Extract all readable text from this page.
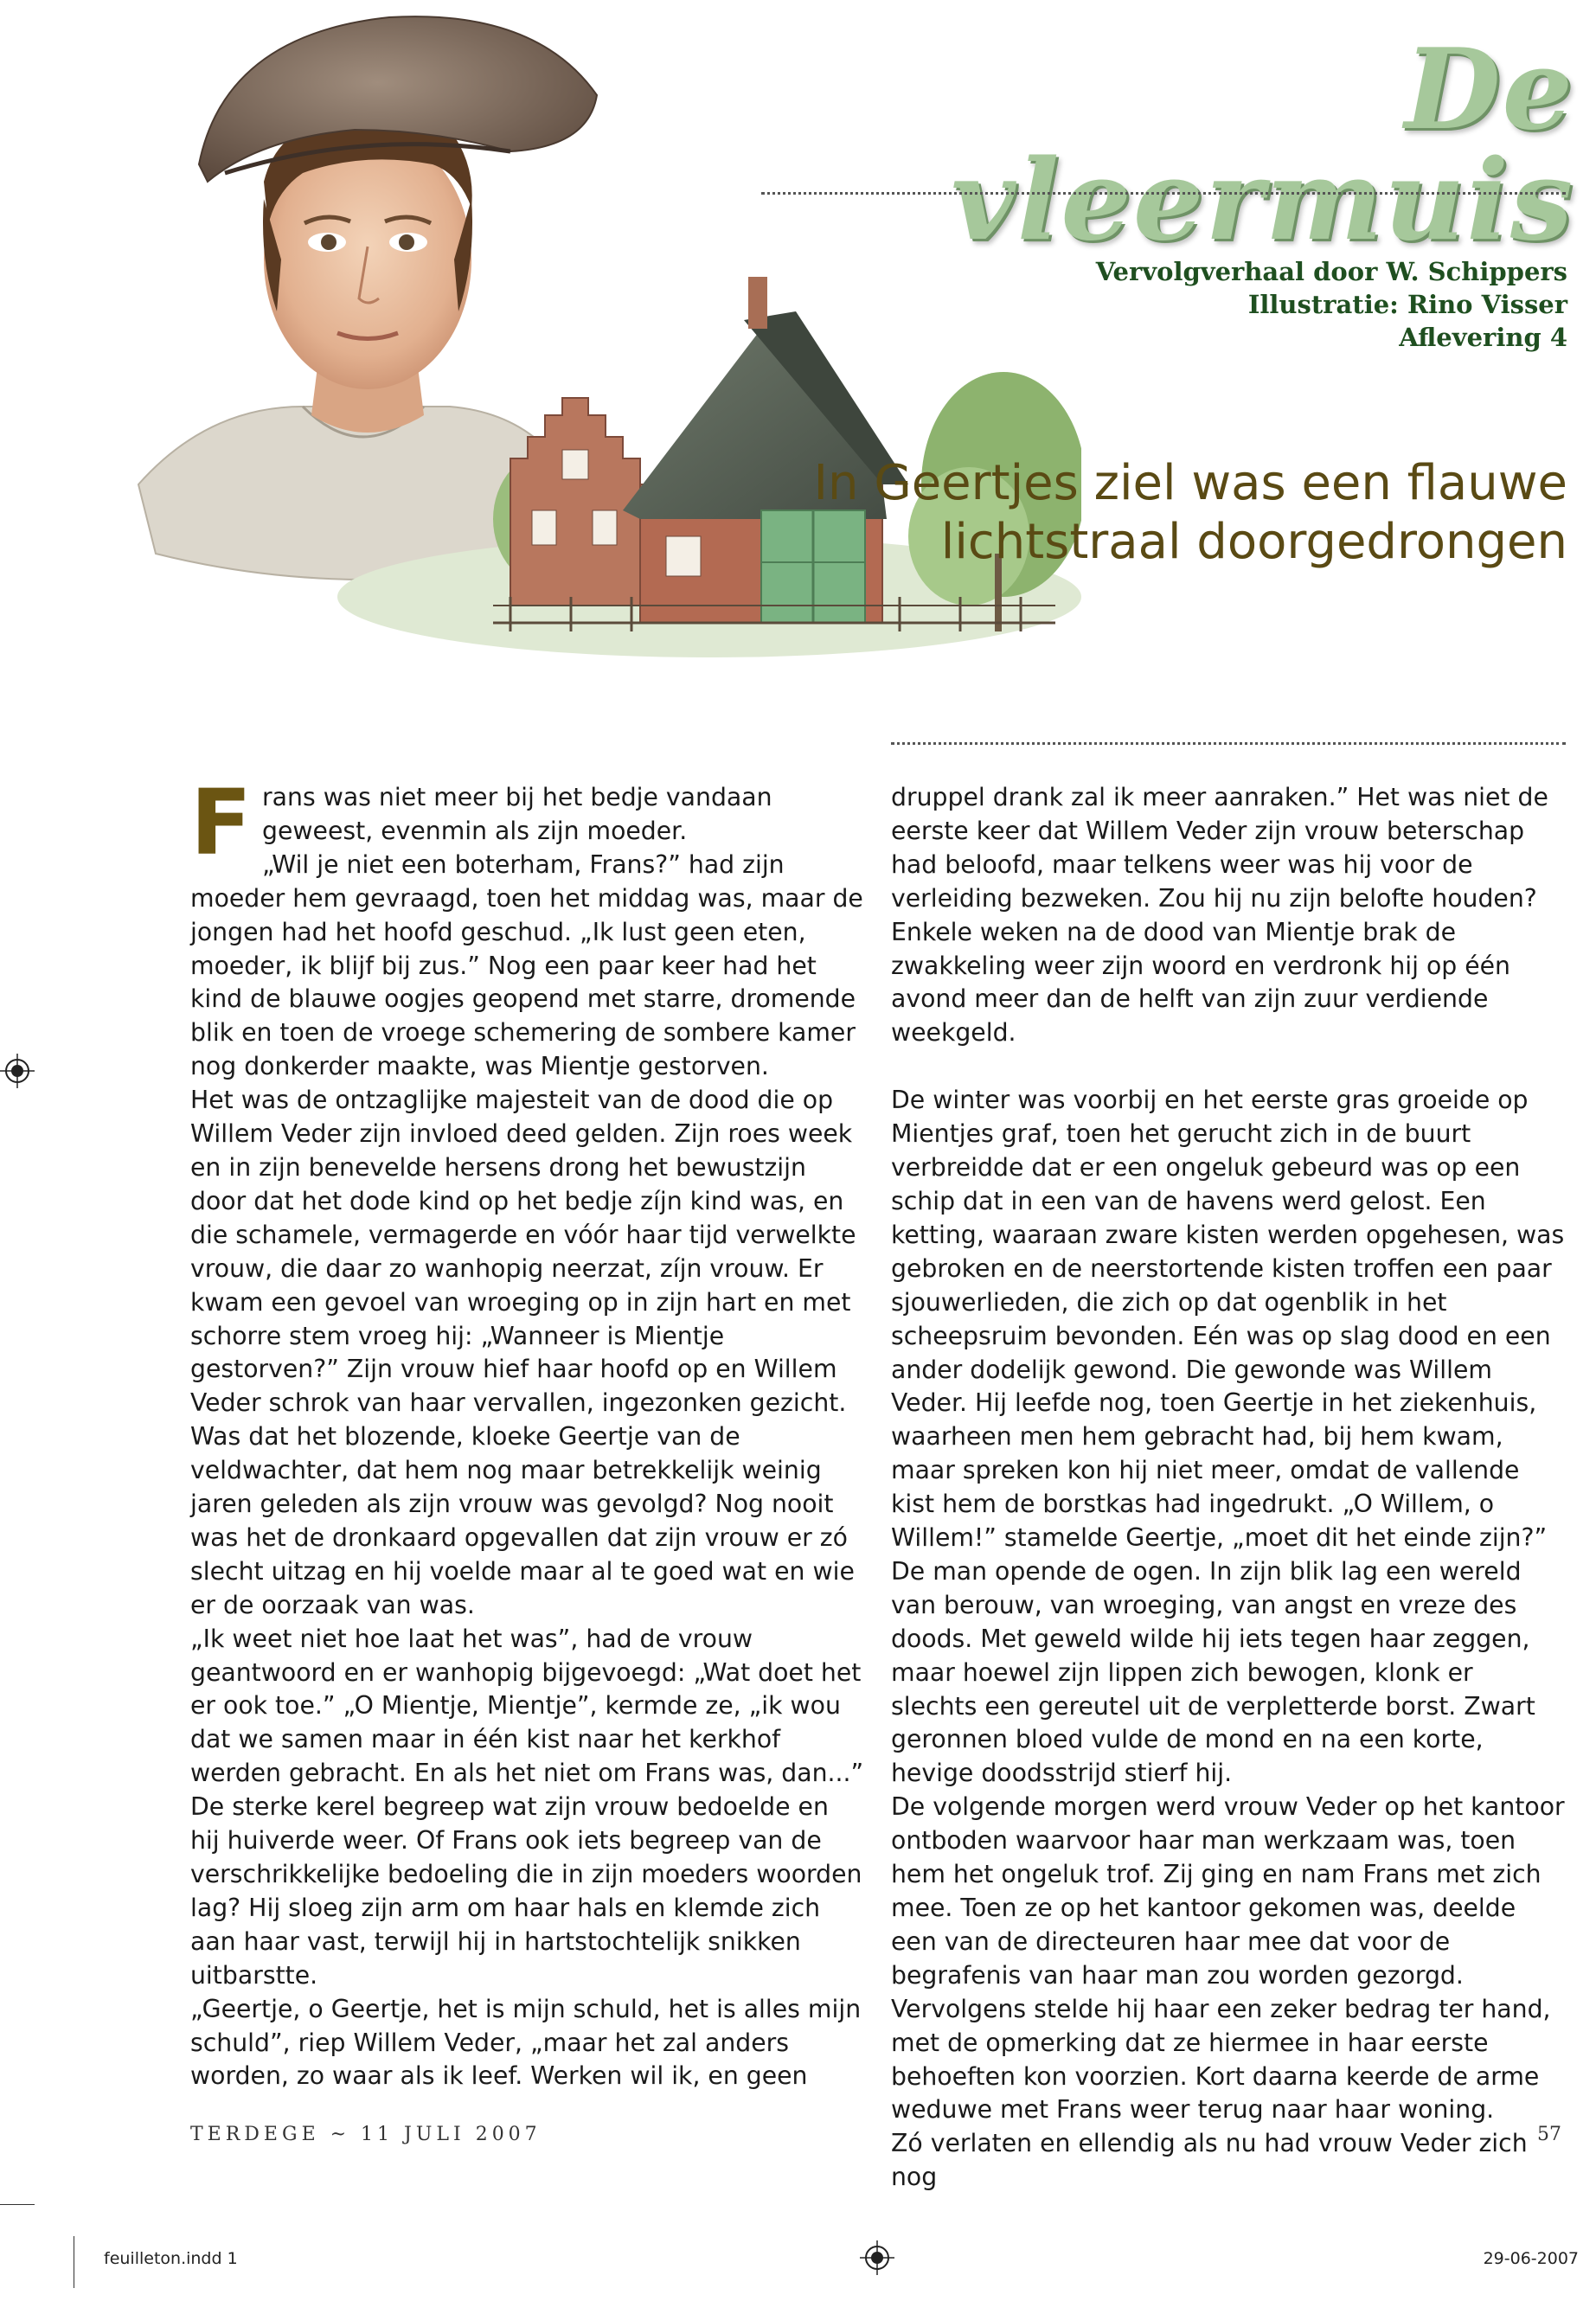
De vleermuis
Vervolgverhaal door W. Schippers
Illustratie: Rino Visser
Aflevering 4
In Geertjes ziel was een flauwe lichtstraal doorgedrongen

Frans was niet meer bij het bedje vandaan geweest, evenmin als zijn moeder.

„Wil je niet een boterham, Frans?” had zijn moeder hem gevraagd, toen het middag was, maar de jongen had het hoofd geschud. „Ik lust geen eten, moeder, ik blijf bij zus.” Nog een paar keer had het kind de blauwe oogjes geopend met starre, dromende blik en toen de vroege schemering de sombere kamer nog donkerder maakte, was Mientje gestorven.

Het was de ontzaglijke majesteit van de dood die op Willem Veder zijn invloed deed gelden. Zijn roes week en in zijn benevelde hersens drong het bewustzijn door dat het dode kind op het bedje zíjn kind was, en die schamele, vermagerde en vóór haar tijd verwelkte vrouw, die daar zo wanhopig neerzat, zíjn vrouw. Er kwam een gevoel van wroeging op in zijn hart en met schorre stem vroeg hij: „Wanneer is Mientje gestorven?” Zijn vrouw hief haar hoofd op en Willem Veder schrok van haar vervallen, ingezonken gezicht. Was dat het blozende, kloeke Geertje van de veldwachter, dat hem nog maar betrekkelijk weinig jaren geleden als zijn vrouw was gevolgd? Nog nooit was het de dronkaard opgevallen dat zijn vrouw er zó slecht uitzag en hij voelde maar al te goed wat en wie er de oorzaak van was.

„Ik weet niet hoe laat het was”, had de vrouw geantwoord en er wanhopig bijgevoegd: „Wat doet het er ook toe.” „O Mientje, Mientje”, kermde ze, „ik wou dat we samen maar in één kist naar het kerkhof werden gebracht. En als het niet om Frans was, dan...”

De sterke kerel begreep wat zijn vrouw bedoelde en hij huiverde weer. Of Frans ook iets begreep van de verschrikkelijke bedoeling die in zijn moeders woorden lag? Hij sloeg zijn arm om haar hals en klemde zich aan haar vast, terwijl hij in hartstochtelijk snikken uitbarstte.

„Geertje, o Geertje, het is mijn schuld, het is alles mijn schuld”, riep Willem Veder, „maar het zal anders worden, zo waar als ik leef. Werken wil ik, en geen

druppel drank zal ik meer aanraken.” Het was niet de eerste keer dat Willem Veder zijn vrouw beterschap had beloofd, maar telkens weer was hij voor de verleiding bezweken. Zou hij nu zijn belofte houden? Enkele weken na de dood van Mientje brak de zwakkeling weer zijn woord en verdronk hij op één avond meer dan de helft van zijn zuur verdiende weekgeld.

De winter was voorbij en het eerste gras groeide op Mientjes graf, toen het gerucht zich in de buurt verbreidde dat er een ongeluk gebeurd was op een schip dat in een van de havens werd gelost. Een ketting, waaraan zware kisten werden opgehesen, was gebroken en de neerstortende kisten troffen een paar sjouwerlieden, die zich op dat ogenblik in het scheepsruim bevonden. Eén was op slag dood en een ander dodelijk gewond. Die gewonde was Willem Veder. Hij leefde nog, toen Geertje in het ziekenhuis, waarheen men hem gebracht had, bij hem kwam, maar spreken kon hij niet meer, omdat de vallende kist hem de borstkas had ingedrukt. „O Willem, o Willem!” stamelde Geertje, „moet dit het einde zijn?” De man opende de ogen. In zijn blik lag een wereld van berouw, van wroeging, van angst en vreze des doods. Met geweld wilde hij iets tegen haar zeggen, maar hoewel zijn lippen zich bewogen, klonk er slechts een gereutel uit de verpletterde borst. Zwart geronnen bloed vulde de mond en na een korte, hevige doodsstrijd stierf hij.

De volgende morgen werd vrouw Veder op het kantoor ontboden waarvoor haar man werkzaam was, toen hem het ongeluk trof. Zij ging en nam Frans met zich mee. Toen ze op het kantoor gekomen was, deelde een van de directeuren haar mee dat voor de begrafenis van haar man zou worden gezorgd. Vervolgens stelde hij haar een zeker bedrag ter hand, met de opmerking dat ze hiermee in haar eerste behoeften kon voorzien. Kort daarna keerde de arme weduwe met Frans weer terug naar haar woning.

Zó verlaten en ellendig als nu had vrouw Veder zich nog

TERDEGE ~ 11 JULI 2007	57
feuilleton.indd 1	29-06-2007
